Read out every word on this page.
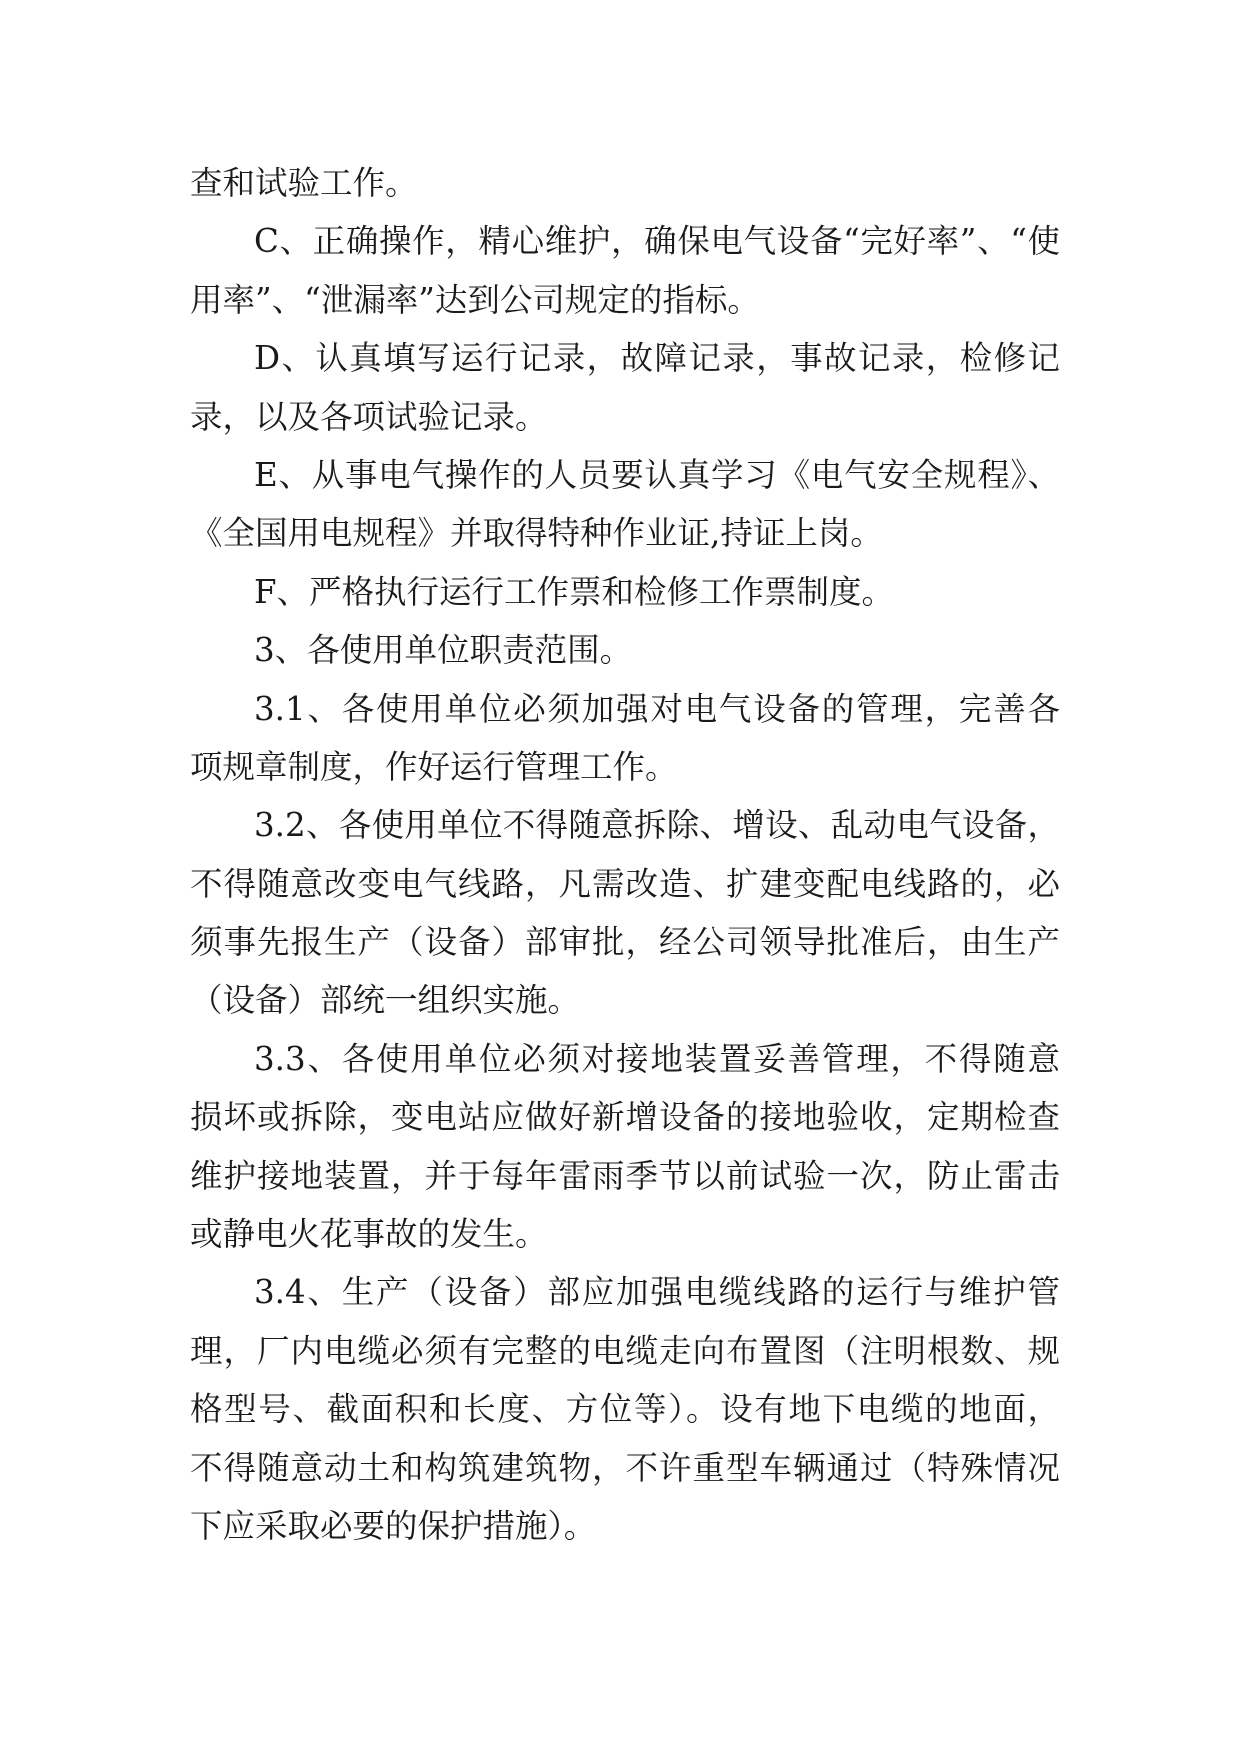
查和试验工作。
C、正确操作，精心维护，确保电气设备“完好率”、“使
用率”、“泄漏率”达到公司规定的指标。
D、认真填写运行记录，故障记录，事故记录，检修记
录，以及各项试验记录。
E、从事电气操作的人员要认真学习《电气安全规程》、
《全国用电规程》并取得特种作业证,持证上岗。
F、严格执行运行工作票和检修工作票制度。
3、各使用单位职责范围。
3.1、各使用单位必须加强对电气设备的管理，完善各
项规章制度，作好运行管理工作。
3.2、各使用单位不得随意拆除、增设、乱动电气设备，
不得随意改变电气线路，凡需改造、扩建变配电线路的，必
须事先报生产（设备）部审批，经公司领导批准后，由生产
（设备）部统一组织实施。
3.3、各使用单位必须对接地装置妥善管理，不得随意
损坏或拆除，变电站应做好新增设备的接地验收，定期检查
维护接地装置，并于每年雷雨季节以前试验一次，防止雷击
或静电火花事故的发生。
3.4、生产（设备）部应加强电缆线路的运行与维护管
理，厂内电缆必须有完整的电缆走向布置图（注明根数、规
格型号、截面积和长度、方位等）。设有地下电缆的地面，
不得随意动土和构筑建筑物，不许重型车辆通过（特殊情况
下应采取必要的保护措施）。
